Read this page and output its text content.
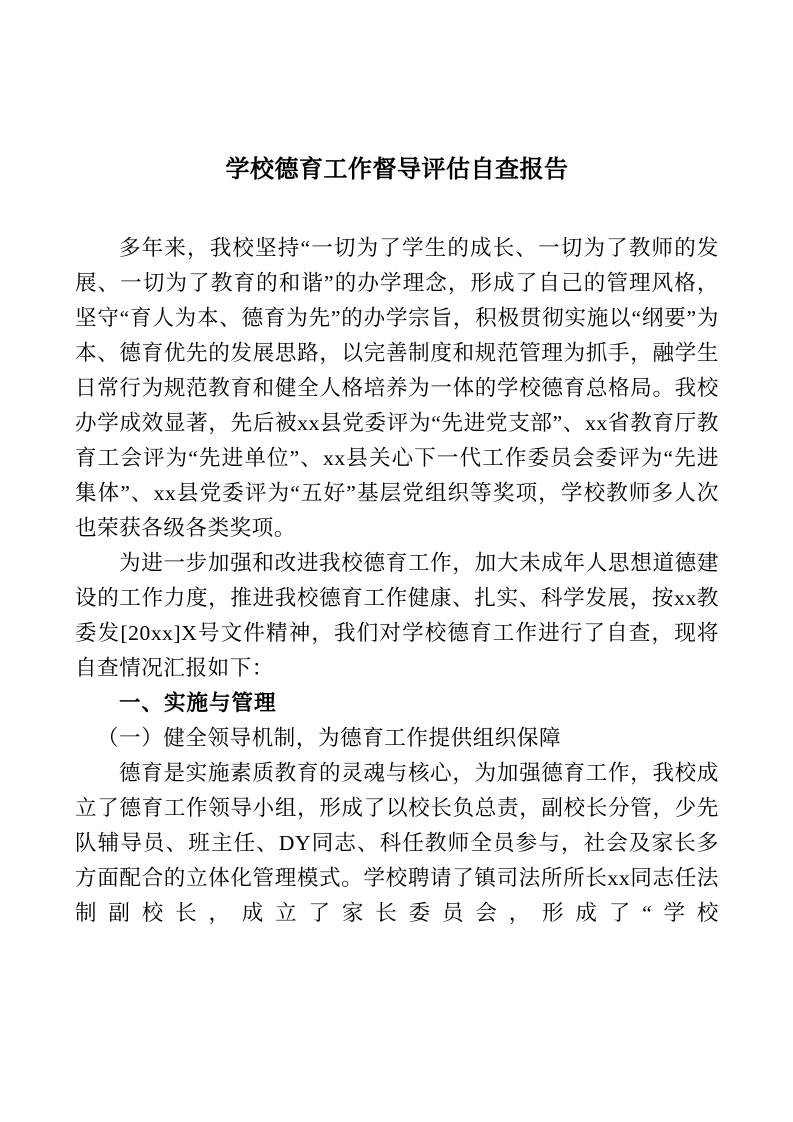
学校德育工作督导评估自查报告

多年来，我校坚持“一切为了学生的成长、一切为了教师的发展、一切为了教育的和谐”的办学理念，形成了自己的管理风格，坚守“育人为本、德育为先”的办学宗旨，积极贯彻实施以“纲要”为本、德育优先的发展思路，以完善制度和规范管理为抓手，融学生日常行为规范教育和健全人格培养为一体的学校德育总格局。我校办学成效显著，先后被xx县党委评为“先进党支部”、xx省教育厅教育工会评为“先进单位”、xx县关心下一代工作委员会委评为“先进集体”、xx县党委评为“五好”基层党组织等奖项，学校教师多人次也荣获各级各类奖项。

为进一步加强和改进我校德育工作，加大未成年人思想道德建设的工作力度，推进我校德育工作健康、扎实、科学发展，按xx教委发[20xx]X号文件精神，我们对学校德育工作进行了自查，现将自查情况汇报如下：

一、实施与管理

（一）健全领导机制，为德育工作提供组织保障

德育是实施素质教育的灵魂与核心，为加强德育工作，我校成立了德育工作领导小组，形成了以校长负总责，副校长分管，少先队辅导员、班主任、DY同志、科任教师全员参与，社会及家长多方面配合的立体化管理模式。学校聘请了镇司法所所长xx同志任法制副校长，成立了家长委员会，形成了“学校
